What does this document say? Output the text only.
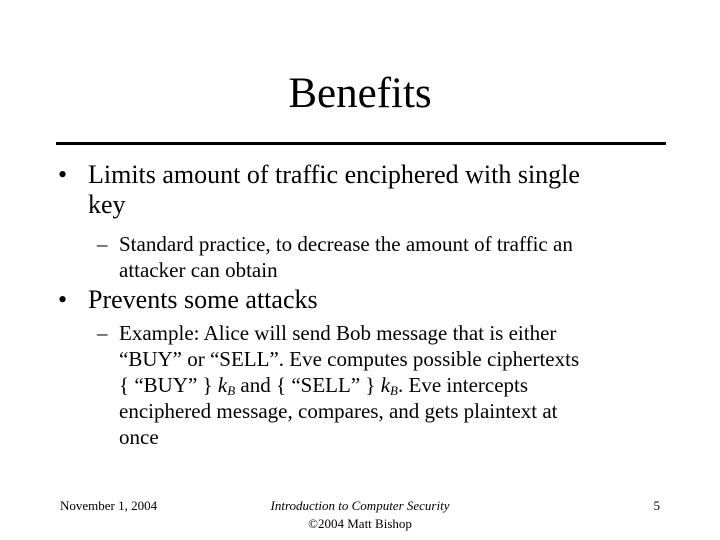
Benefits
• Limits amount of traffic enciphered with single
key
– Standard practice, to decrease the amount of traffic an
attacker can obtain
• Prevents some attacks
– Example: Alice will send Bob message that is either
“BUY” or “SELL”. Eve computes possible ciphertexts
{ “BUY” } $k_B$ and { “SELL” } $k_B$. Eve intercepts
enciphered message, compares, and gets plaintext at
once
November 1, 2004	Introduction to Computer Security
©2004 Matt Bishop
5
